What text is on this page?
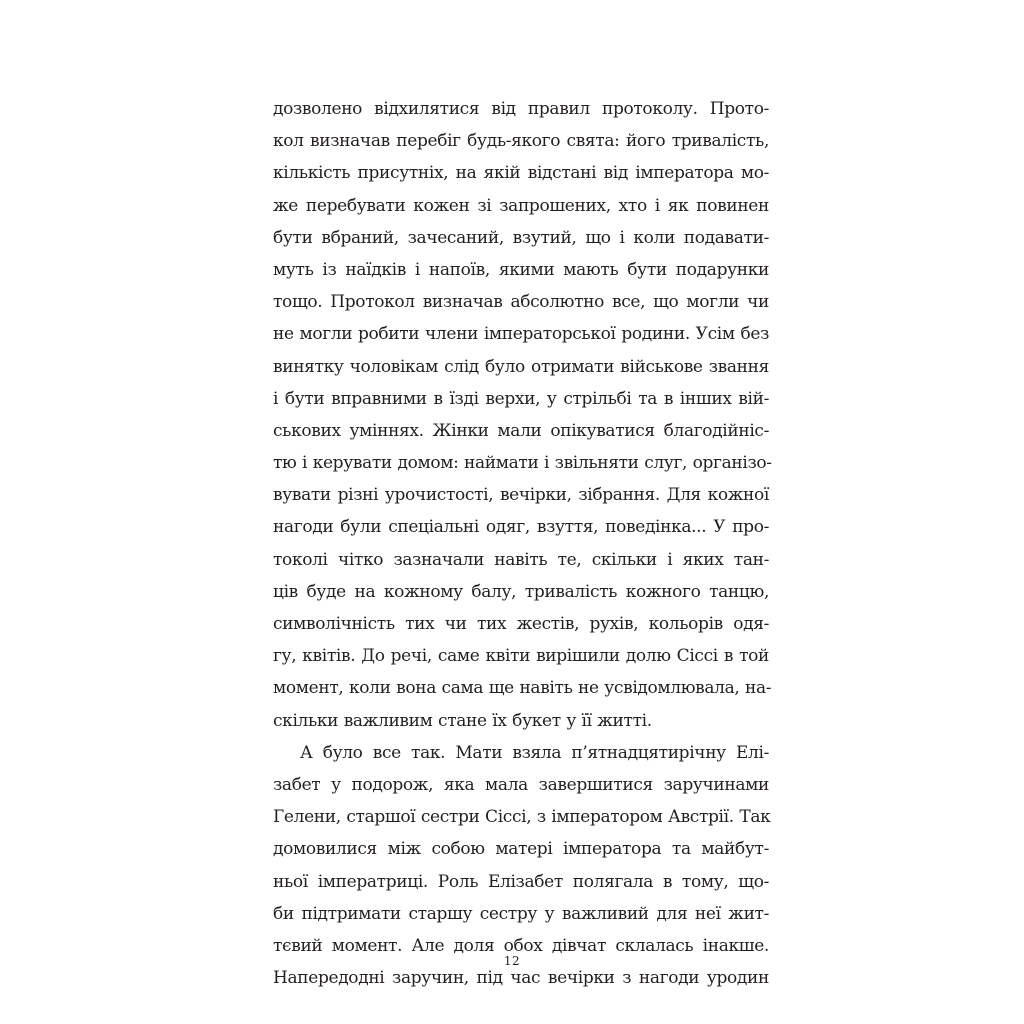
дозволено відхилятися від правил протоколу. Прото-
кол визначав перебіг будь-якого свята: його тривалість,
кількість присутніх, на якій відстані від імператора мо-
же перебувати кожен зі запрошених, хто і як повинен
бути вбраний, зачесаний, взутий, що і коли подавати-
муть із наїдків і напоїв, якими мають бути подарунки
тощо. Протокол визначав абсолютно все, що могли чи
не могли робити члени імператорської родини. Усім без
винятку чоловікам слід було отримати військове звання
і бути вправними в їзді верхи, у стрільбі та в інших вій-
ськових уміннях. Жінки мали опікуватися благодійніс-
тю і керувати домом: наймати і звільняти слуг, організо-
вувати різні урочистості, вечірки, зібрання. Для кожної
нагоди були спеціальні одяг, взуття, поведінка... У про-
токолі чітко зазначали навіть те, скільки і яких тан-
ців буде на кожному балу, тривалість кожного танцю,
символічність тих чи тих жестів, рухів, кольорів одя-
гу, квітів. До речі, саме квіти вирішили долю Сіссі в той
момент, коли вона сама ще навіть не усвідомлювала, на-
скільки важливим стане їх букет у її житті.
А було все так. Мати взяла п’ятнадцятирічну Елі-
забет у подорож, яка мала завершитися заручинами
Гелени, старшої сестри Сіссі, з імператором Австрії. Так
домовилися між собою матері імператора та майбут-
ньої імператриці. Роль Елізабет полягала в тому, що-
би підтримати старшу сестру у важливий для неї жит-
тєвий момент. Але доля обох дівчат склалась інакше.
Напередодні заручин, під час вечірки з нагоди уродин
12
